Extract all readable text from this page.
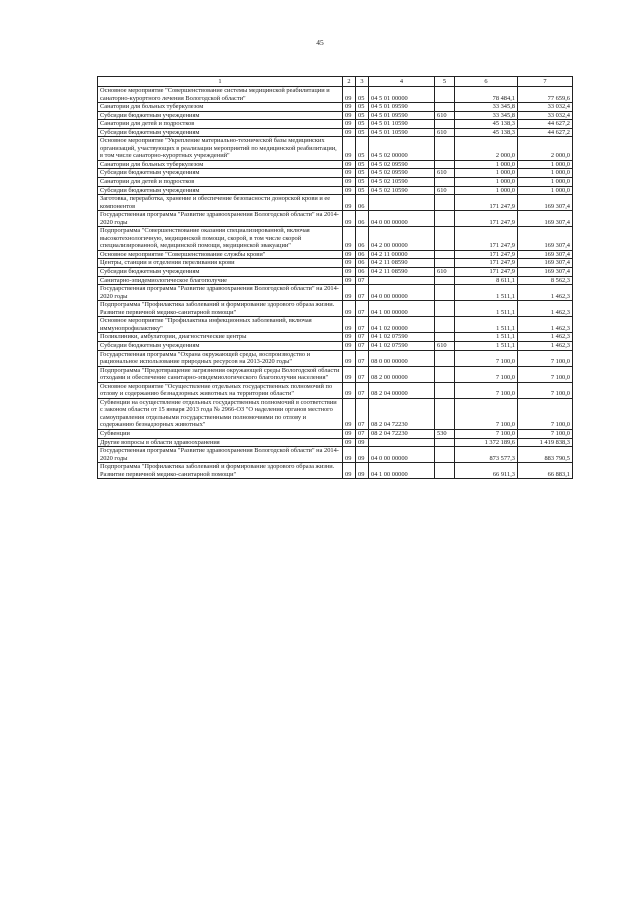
45
1	2	3	4	5	6	7
Основное мероприятие "Совершенствование системы медицинской реабилитации и санаторно-курортного лечения Вологодской области"	09	05	04 5 01 00000		78 484,1	77 659,6
Санатории для больных туберкулезом	09	05	04 5 01 09590		33 345,8	33 032,4
Субсидии бюджетным учреждениям	09	05	04 5 01 09590	610	33 345,8	33 032,4
Санатории для детей и подростков	09	05	04 5 01 10590		45 138,3	44 627,2
Субсидии бюджетным учреждениям	09	05	04 5 01 10590	610	45 138,3	44 627,2
Основное мероприятие "Укрепление материально-технической базы медицинских организаций, участвующих в реализации мероприятий по медицинской реабилитации, в том числе санаторно-курортных учреждений"	09	05	04 5 02 00000		2 000,0	2 000,0
Санатории для больных туберкулезом	09	05	04 5 02 09590		1 000,0	1 000,0
Субсидии бюджетным учреждениям	09	05	04 5 02 09590	610	1 000,0	1 000,0
Санатории для детей и подростков	09	05	04 5 02 10590		1 000,0	1 000,0
Субсидии бюджетным учреждениям	09	05	04 5 02 10590	610	1 000,0	1 000,0
Заготовка, переработка, хранение и обеспечение безопасности донорской крови и ее компонентов	09	06			171 247,9	169 307,4
Государственная программа "Развитие здравоохранения Вологодской области" на 2014-2020 годы	09	06	04 0 00 00000		171 247,9	169 307,4
Подпрограмма "Совершенствование оказания специализированной, включая высокотехнологичную, медицинской помощи, скорой, в том числе скорой специализированной, медицинской помощи, медицинской эвакуации"	09	06	04 2 00 00000		171 247,9	169 307,4
Основное мероприятие "Совершенствование службы крови"	09	06	04 2 11 00000		171 247,9	169 307,4
Центры, станции и отделения переливания крови	09	06	04 2 11 08590		171 247,9	169 307,4
Субсидии бюджетным учреждениям	09	06	04 2 11 08590	610	171 247,9	169 307,4
Санитарно-эпидемиологическое благополучие	09	07			8 611,1	8 562,3
Государственная программа "Развитие здравоохранения Вологодской области" на 2014-2020 годы	09	07	04 0 00 00000		1 511,1	1 462,3
Подпрограмма "Профилактика заболеваний и формирование здорового образа жизни. Развитие первичной медико-санитарной помощи"	09	07	04 1 00 00000		1 511,1	1 462,3
Основное мероприятие "Профилактика инфекционных заболеваний, включая иммунопрофилактику"	09	07	04 1 02 00000		1 511,1	1 462,3
Поликлиники, амбулатории, диагностические центры	09	07	04 1 02 07590		1 511,1	1 462,3
Субсидии бюджетным учреждениям	09	07	04 1 02 07590	610	1 511,1	1 462,3
Государственная программа "Охрана окружающей среды, воспроизводство и рациональное использование природных ресурсов на 2013-2020 годы"	09	07	08 0 00 00000		7 100,0	7 100,0
Подпрограмма "Предотвращение загрязнения окружающей среды Вологодской области отходами и обеспечение санитарно-эпидемиологического благополучия населения"	09	07	08 2 00 00000		7 100,0	7 100,0
Основное мероприятие "Осуществление отдельных государственных полномочий по отлову и содержанию безнадзорных животных на территории области"	09	07	08 2 04 00000		7 100,0	7 100,0
Субвенции на осуществление отдельных государственных полномочий в соответствии с законом области от 15 января 2013 года № 2966-ОЗ "О наделении органов местного самоуправления отдельными государственными полномочиями по отлову и содержанию безнадзорных животных"	09	07	08 2 04 72230		7 100,0	7 100,0
Субвенции	09	07	08 2 04 72230	530	7 100,0	7 100,0
Другие вопросы в области здравоохранения	09	09			1 372 189,6	1 419 838,3
Государственная программа "Развитие здравоохранения Вологодской области" на 2014-2020 годы	09	09	04 0 00 00000		873 577,3	883 790,5
Подпрограмма "Профилактика заболеваний и формирование здорового образа жизни. Развитие первичной медико-санитарной помощи"	09	09	04 1 00 00000		66 911,3	66 883,1
